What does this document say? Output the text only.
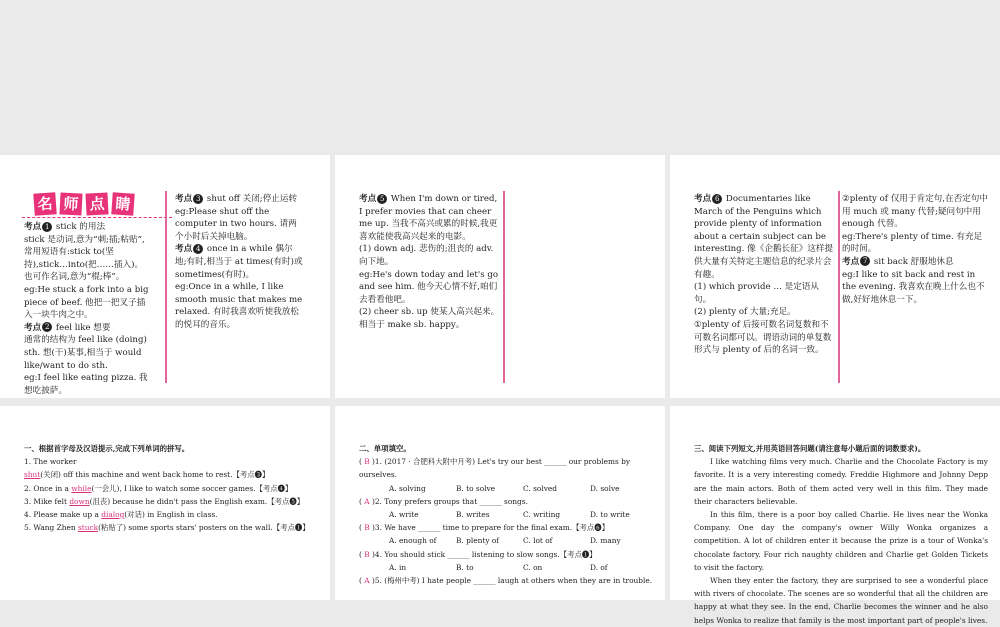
名 师 点 睛

考点 1 stick 的用法

stick 是动词,意为“刺;插;粘贴”,常用短语有:stick to(坚持),stick…into(把……插入)。也可作名词,意为“棍;棒”。

eg:He stuck a fork into a big piece of beef. 他把一把叉子插入一块牛肉之中。

考点 2 feel like 想要

通常的结构为 feel like (doing) sth. 想(干)某事,相当于 would like/want to do sth.

eg:I feel like eating pizza. 我想吃披萨。

考点 3 shut off 关闭;停止运转

eg:Please shut off the computer in two hours. 请两个小时后关掉电脑。

考点 4 once in a while 偶尔地;有时,相当于 at times(有时)或 sometimes(有时)。

eg:Once in a while, I like smooth music that makes me relaxed. 有时我喜欢听使我放松的悦耳的音乐。

考点 5 When I'm down or tired, I prefer movies that can cheer me up. 当我不高兴或累的时候,我更喜欢能使我高兴起来的电影。

(1) down adj. 悲伤的;沮丧的 adv. 向下地。

eg:He's down today and let's go and see him. 他今天心情不好,咱们去看看他吧。

(2) cheer sb. up 使某人高兴起来。相当于 make sb. happy。

考点 6 Documentaries like March of the Penguins which provide plenty of information about a certain subject can be interesting. 像《企鹅长征》这样提供大量有关特定主题信息的纪录片会有趣。

(1) which provide … 是定语从句。

(2) plenty of 大量;充足。

①plenty of 后接可数名词复数和不可数名词都可以。谓语动词的单复数形式与 plenty of 后的名词一致。

②plenty of 仅用于肯定句,在否定句中用 much 或 many 代替;疑问句中用 enough 代替。

eg:There's plenty of time. 有充足的时间。

考点 7 sit back 舒服地休息

eg:I like to sit back and rest in the evening. 我喜欢在晚上什么也不做,好好地休息一下。

一、根据首字母及汉语提示,完成下列单词的拼写。

1. The worker shut(关闭) off this machine and went back home to rest.【考点❸】

2. Once in a while(一会儿), I like to watch some soccer games.【考点❹】

3. Mike felt down(沮丧) because he didn't pass the English exam.【考点❺】

4. Please make up a dialog(对话) in English in class.

5. Wang Zhen stuck(粘贴了) some sports stars' posters on the wall.【考点❶】

二、单项填空。

( B )1. (2017 · 合肥科大附中月考) Let's try our best ______ our problems by ourselves.

A. solving	B. to solve	C. solved	D. solve

( A )2. Tony prefers groups that ______ songs.

A. write	B. writes	C. writing	D. to write

( B )3. We have ______ time to prepare for the final exam.【考点❻】

A. enough of	B. plenty of	C. lot of	D. many

( B )4. You should stick ______ listening to slow songs.【考点❶】

A. in	B. to	C. on	D. of

( A )5. (梅州中考) I hate people ______ laugh at others when they are in trouble.

三、阅读下列短文,并用英语回答问题(请注意每小题后面的词数要求)。

I like watching films very much. Charlie and the Chocolate Factory is my favorite. It is a very interesting comedy. Freddie Highmore and Johnny Depp are the main actors. Both of them acted very well in this film. They made their characters believable.

In this film, there is a poor boy called Charlie. He lives near the Wonka Company. One day the company's owner Willy Wonka organizes a competition. A lot of children enter it because the prize is a tour of Wonka's chocolate factory. Four rich naughty children and Charlie get Golden Tickets to visit the factory.

When they enter the factory, they are surprised to see a wonderful place with rivers of chocolate. The scenes are so wonderful that all the children are happy at what they see. In the end, Charlie becomes the winner and he also helps Wonka to realize that family is the most important part of people's lives.
